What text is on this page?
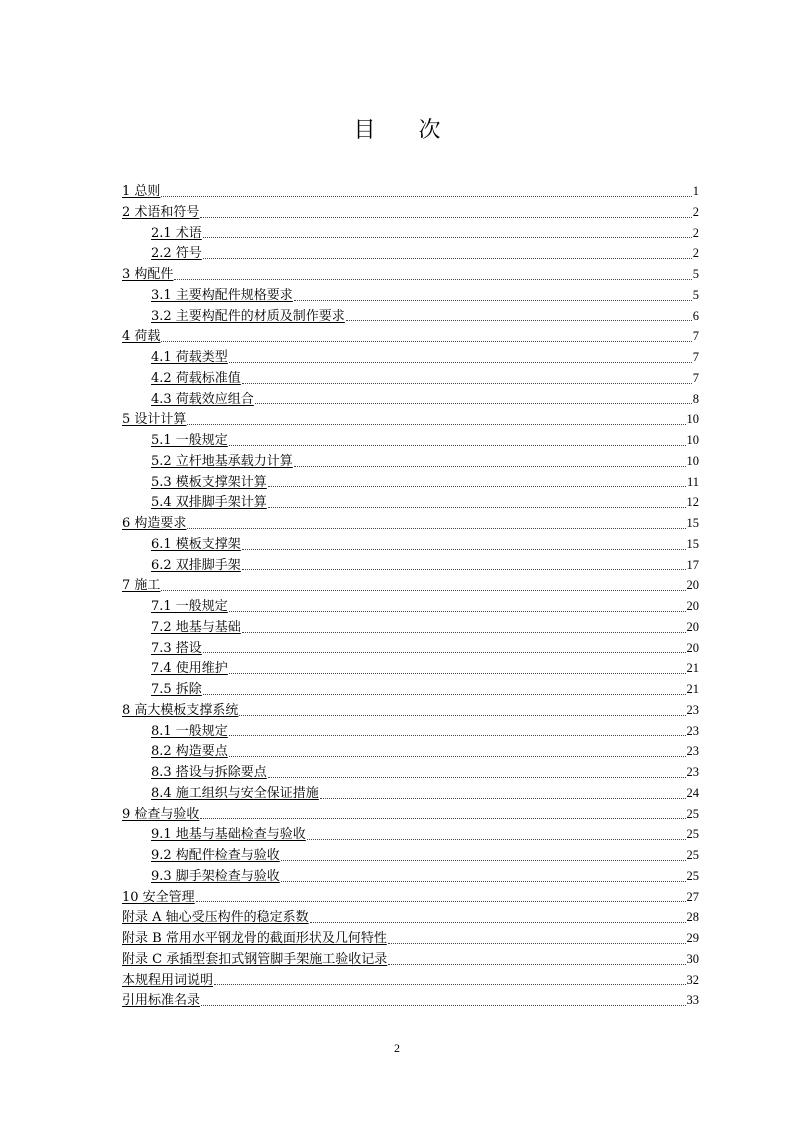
目 次
1 总则	1
2 术语和符号	2
2.1 术语	2
2.2 符号	2
3 构配件	5
3.1 主要构配件规格要求	5
3.2 主要构配件的材质及制作要求	6
4 荷载	7
4.1 荷载类型	7
4.2 荷载标准值	7
4.3 荷载效应组合	8
5 设计计算	10
5.1 一般规定	10
5.2 立杆地基承载力计算	10
5.3 模板支撑架计算	11
5.4 双排脚手架计算	12
6 构造要求	15
6.1 模板支撑架	15
6.2 双排脚手架	17
7 施工	20
7.1 一般规定	20
7.2 地基与基础	20
7.3 搭设	20
7.4 使用维护	21
7.5 拆除	21
8 高大模板支撑系统	23
8.1 一般规定	23
8.2 构造要点	23
8.3 搭设与拆除要点	23
8.4 施工组织与安全保证措施	24
9 检查与验收	25
9.1 地基与基础检查与验收	25
9.2 构配件检查与验收	25
9.3 脚手架检查与验收	25
10 安全管理	27
附录 A 轴心受压构件的稳定系数	28
附录 B 常用水平钢龙骨的截面形状及几何特性	29
附录 C 承插型套扣式钢管脚手架施工验收记录	30
本规程用词说明	32
引用标准名录	33
2
